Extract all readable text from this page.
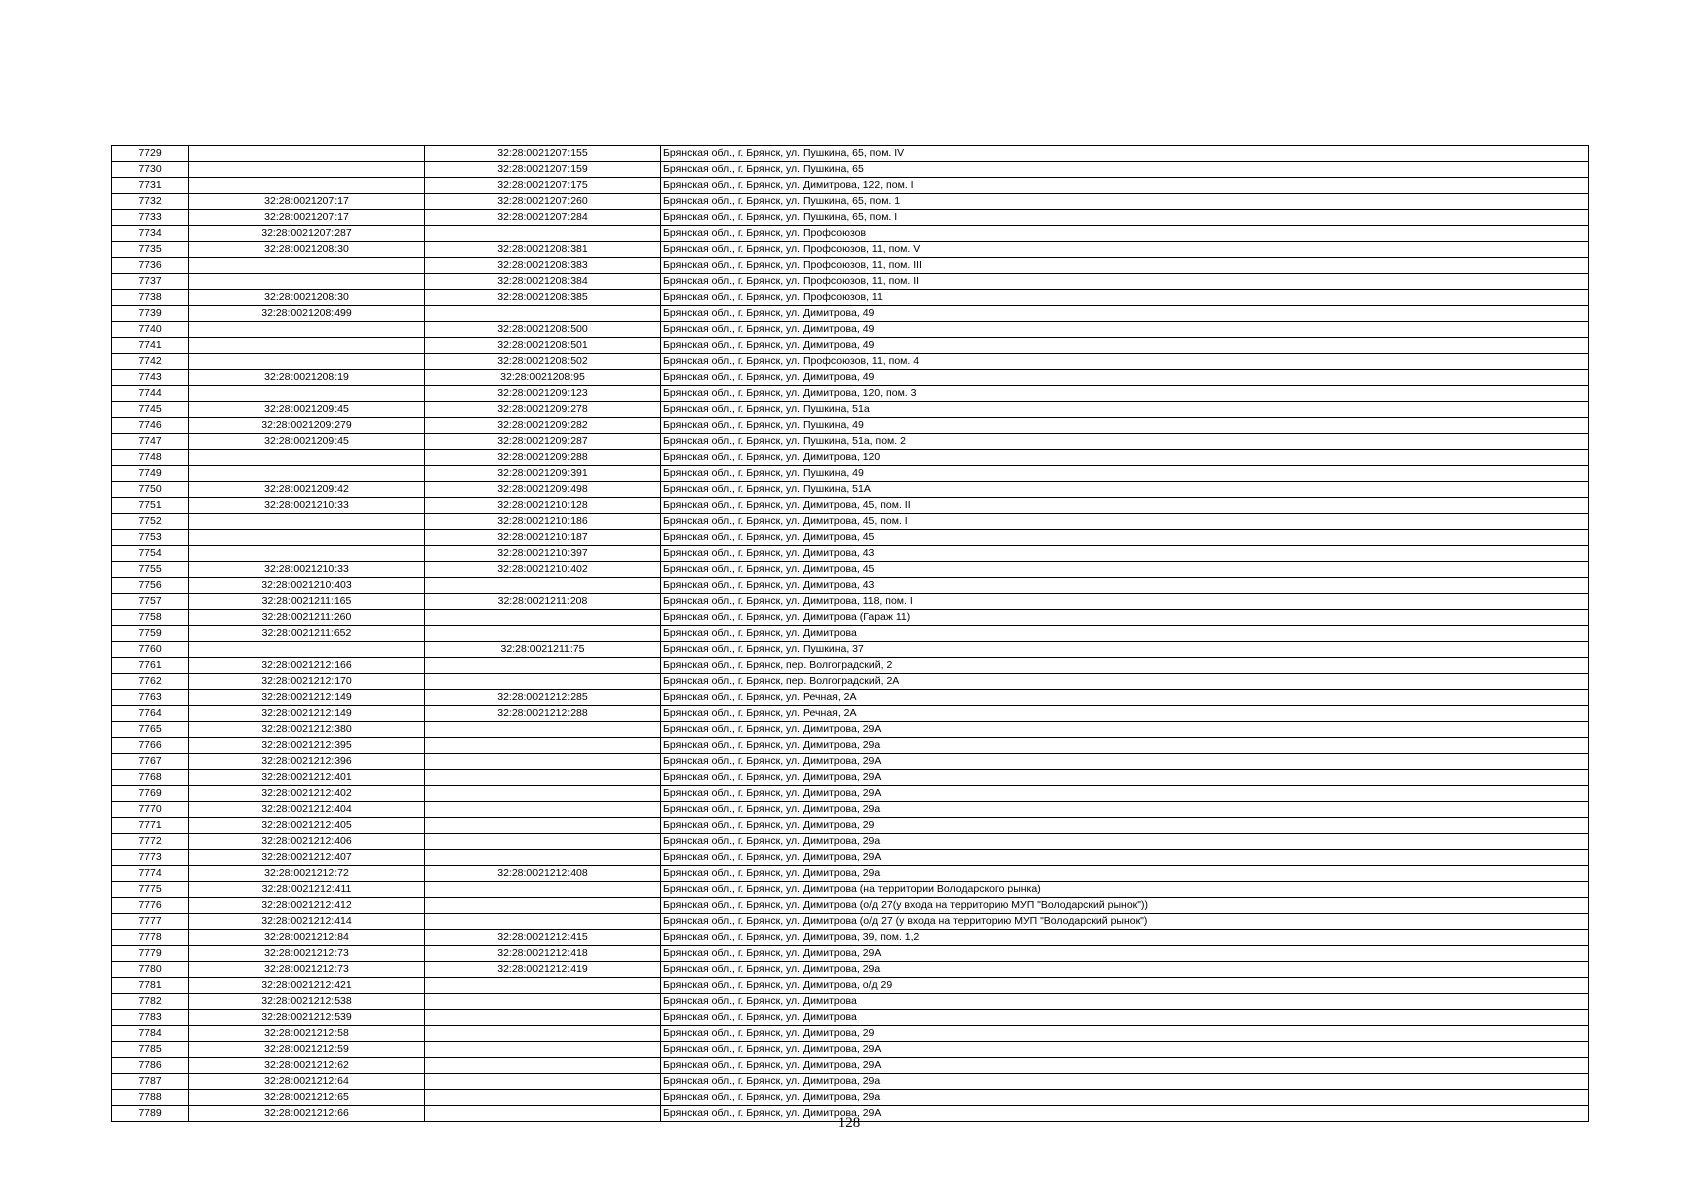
7729		32:28:0021207:155	Брянская обл., г. Брянск, ул. Пушкина, 65, пом. IV
7730		32:28:0021207:159	Брянская обл., г. Брянск, ул. Пушкина, 65
7731		32:28:0021207:175	Брянская обл., г. Брянск, ул. Димитрова, 122, пом. I
7732	32:28:0021207:17	32:28:0021207:260	Брянская обл., г. Брянск, ул. Пушкина, 65, пом. 1
7733	32:28:0021207:17	32:28:0021207:284	Брянская обл., г. Брянск, ул. Пушкина, 65, пом. I
7734	32:28:0021207:287		Брянская обл., г. Брянск, ул. Профсоюзов
7735	32:28:0021208:30	32:28:0021208:381	Брянская обл., г. Брянск, ул. Профсоюзов, 11, пом. V
7736		32:28:0021208:383	Брянская обл., г. Брянск, ул. Профсоюзов, 11, пом. III
7737		32:28:0021208:384	Брянская обл., г. Брянск, ул. Профсоюзов, 11, пом. II
7738	32:28:0021208:30	32:28:0021208:385	Брянская обл., г. Брянск, ул. Профсоюзов, 11
7739	32:28:0021208:499		Брянская обл., г. Брянск, ул. Димитрова, 49
7740		32:28:0021208:500	Брянская обл., г. Брянск, ул. Димитрова, 49
7741		32:28:0021208:501	Брянская обл., г. Брянск, ул. Димитрова, 49
7742		32:28:0021208:502	Брянская обл., г. Брянск, ул. Профсоюзов, 11, пом. 4
7743	32:28:0021208:19	32:28:0021208:95	Брянская обл., г. Брянск, ул. Димитрова, 49
7744		32:28:0021209:123	Брянская обл., г. Брянск, ул. Димитрова, 120, пом. 3
7745	32:28:0021209:45	32:28:0021209:278	Брянская обл., г. Брянск, ул. Пушкина, 51а
7746	32:28:0021209:279	32:28:0021209:282	Брянская обл., г. Брянск, ул. Пушкина, 49
7747	32:28:0021209:45	32:28:0021209:287	Брянская обл., г. Брянск, ул. Пушкина, 51а, пом. 2
7748		32:28:0021209:288	Брянская обл., г. Брянск, ул. Димитрова, 120
7749		32:28:0021209:391	Брянская обл., г. Брянск, ул. Пушкина, 49
7750	32:28:0021209:42	32:28:0021209:498	Брянская обл., г. Брянск, ул. Пушкина, 51А
7751	32:28:0021210:33	32:28:0021210:128	Брянская обл., г. Брянск, ул. Димитрова, 45, пом. II
7752		32:28:0021210:186	Брянская обл., г. Брянск, ул. Димитрова, 45, пом. I
7753		32:28:0021210:187	Брянская обл., г. Брянск, ул. Димитрова, 45
7754		32:28:0021210:397	Брянская обл., г. Брянск, ул. Димитрова, 43
7755	32:28:0021210:33	32:28:0021210:402	Брянская обл., г. Брянск, ул. Димитрова, 45
7756	32:28:0021210:403		Брянская обл., г. Брянск, ул. Димитрова, 43
7757	32:28:0021211:165	32:28:0021211:208	Брянская обл., г. Брянск, ул. Димитрова, 118, пом. I
7758	32:28:0021211:260		Брянская обл., г. Брянск, ул. Димитрова (Гараж 11)
7759	32:28:0021211:652		Брянская обл., г. Брянск, ул. Димитрова
7760		32:28:0021211:75	Брянская обл., г. Брянск, ул. Пушкина, 37
7761	32:28:0021212:166		Брянская обл., г. Брянск, пер. Волгоградский, 2
7762	32:28:0021212:170		Брянская обл., г. Брянск, пер. Волгоградский, 2А
7763	32:28:0021212:149	32:28:0021212:285	Брянская обл., г. Брянск, ул. Речная, 2А
7764	32:28:0021212:149	32:28:0021212:288	Брянская обл., г. Брянск, ул. Речная, 2А
7765	32:28:0021212:380		Брянская обл., г. Брянск, ул. Димитрова, 29А
7766	32:28:0021212:395		Брянская обл., г. Брянск, ул. Димитрова, 29а
7767	32:28:0021212:396		Брянская обл., г. Брянск, ул. Димитрова, 29А
7768	32:28:0021212:401		Брянская обл., г. Брянск, ул. Димитрова, 29А
7769	32:28:0021212:402		Брянская обл., г. Брянск, ул. Димитрова, 29А
7770	32:28:0021212:404		Брянская обл., г. Брянск, ул. Димитрова, 29а
7771	32:28:0021212:405		Брянская обл., г. Брянск, ул. Димитрова, 29
7772	32:28:0021212:406		Брянская обл., г. Брянск, ул. Димитрова, 29а
7773	32:28:0021212:407		Брянская обл., г. Брянск, ул. Димитрова, 29А
7774	32:28:0021212:72	32:28:0021212:408	Брянская обл., г. Брянск, ул. Димитрова, 29а
7775	32:28:0021212:411		Брянская обл., г. Брянск, ул. Димитрова (на территории Володарского рынка)
7776	32:28:0021212:412		Брянская обл., г. Брянск, ул. Димитрова (о/д 27(у входа на территорию МУП "Володарский рынок"))
7777	32:28:0021212:414		Брянская обл., г. Брянск, ул. Димитрова (о/д 27 (у входа на территорию МУП "Володарский рынок")
7778	32:28:0021212:84	32:28:0021212:415	Брянская обл., г. Брянск, ул. Димитрова, 39, пом. 1,2
7779	32:28:0021212:73	32:28:0021212:418	Брянская обл., г. Брянск, ул. Димитрова, 29А
7780	32:28:0021212:73	32:28:0021212:419	Брянская обл., г. Брянск, ул. Димитрова, 29а
7781	32:28:0021212:421		Брянская обл., г. Брянск, ул. Димитрова, о/д 29
7782	32:28:0021212:538		Брянская обл., г. Брянск, ул. Димитрова
7783	32:28:0021212:539		Брянская обл., г. Брянск, ул. Димитрова
7784	32:28:0021212:58		Брянская обл., г. Брянск, ул. Димитрова, 29
7785	32:28:0021212:59		Брянская обл., г. Брянск, ул. Димитрова, 29А
7786	32:28:0021212:62		Брянская обл., г. Брянск, ул. Димитрова, 29А
7787	32:28:0021212:64		Брянская обл., г. Брянск, ул. Димитрова, 29а
7788	32:28:0021212:65		Брянская обл., г. Брянск, ул. Димитрова, 29а
7789	32:28:0021212:66		Брянская обл., г. Брянск, ул. Димитрова, 29А
128
